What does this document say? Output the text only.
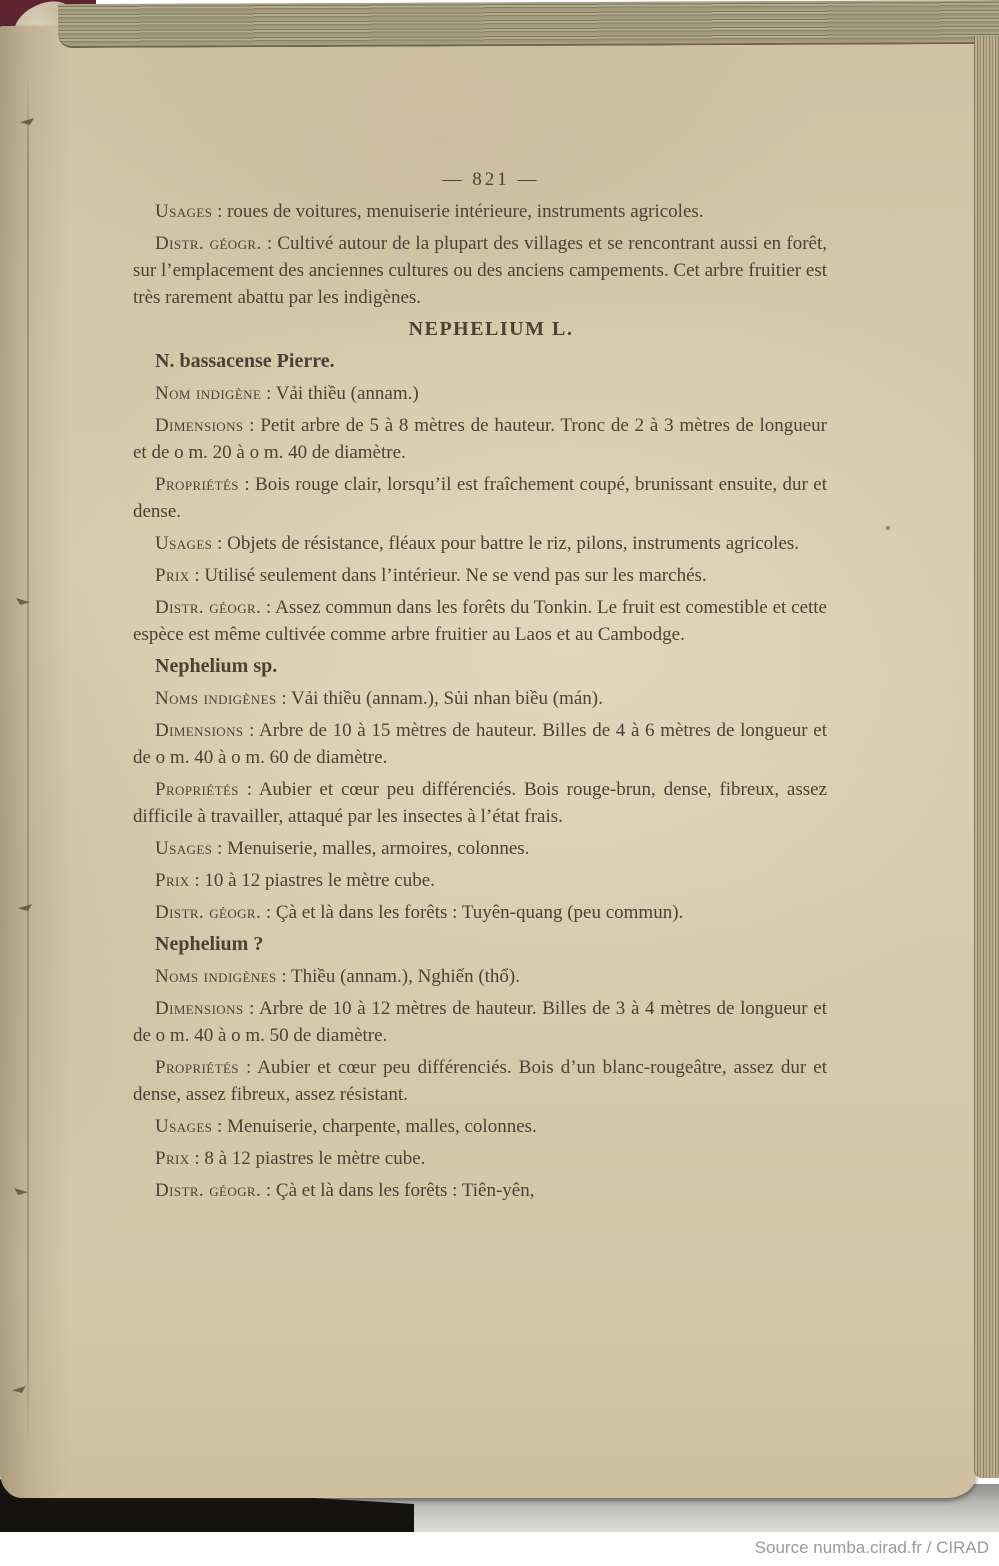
— 821 —

Usages : roues de voitures, menuiserie intérieure, instruments agricoles.

Distr. géogr. : Cultivé autour de la plupart des villages et se rencontrant aussi en forêt, sur l’emplacement des anciennes cultures ou des anciens campements. Cet arbre fruitier est très rarement abattu par les indigènes.

NEPHELIUM L.

N. bassacense Pierre.

Nom indigène : Vải thiều (annam.)

Dimensions : Petit arbre de 5 à 8 mètres de hauteur. Tronc de 2 à 3 mètres de longueur et de o m. 20 à o m. 40 de diamètre.

Propriétés : Bois rouge clair, lorsqu’il est fraîchement coupé, brunissant ensuite, dur et dense.

Usages : Objets de résistance, fléaux pour battre le riz, pilons, instruments agricoles.

Prix : Utilisé seulement dans l’intérieur. Ne se vend pas sur les marchés.

Distr. géogr. : Assez commun dans les forêts du Tonkin. Le fruit est comestible et cette espèce est même cultivée comme arbre fruitier au Laos et au Cambodge.

Nephelium sp.

Noms indigènes : Vải thiều (annam.), Sủi nhan biều (mán).

Dimensions : Arbre de 10 à 15 mètres de hauteur. Billes de 4 à 6 mètres de longueur et de o m. 40 à o m. 60 de diamètre.

Propriétés : Aubier et cœur peu différenciés. Bois rouge-brun, dense, fibreux, assez difficile à travailler, attaqué par les insectes à l’état frais.

Usages : Menuiserie, malles, armoires, colonnes.

Prix : 10 à 12 piastres le mètre cube.

Distr. géogr. : Çà et là dans les forêts : Tuyên-quang (peu commun).

Nephelium ?

Noms indigènes : Thiều (annam.), Nghiến (thổ).

Dimensions : Arbre de 10 à 12 mètres de hauteur. Billes de 3 à 4 mètres de longueur et de o m. 40 à o m. 50 de diamètre.

Propriétés : Aubier et cœur peu différenciés. Bois d’un blanc-rougeâtre, assez dur et dense, assez fibreux, assez résistant.

Usages : Menuiserie, charpente, malles, colonnes.

Prix : 8 à 12 piastres le mètre cube.

Distr. géogr. : Çà et là dans les forêts : Tiên-yên,

Source numba.cirad.fr / CIRAD
